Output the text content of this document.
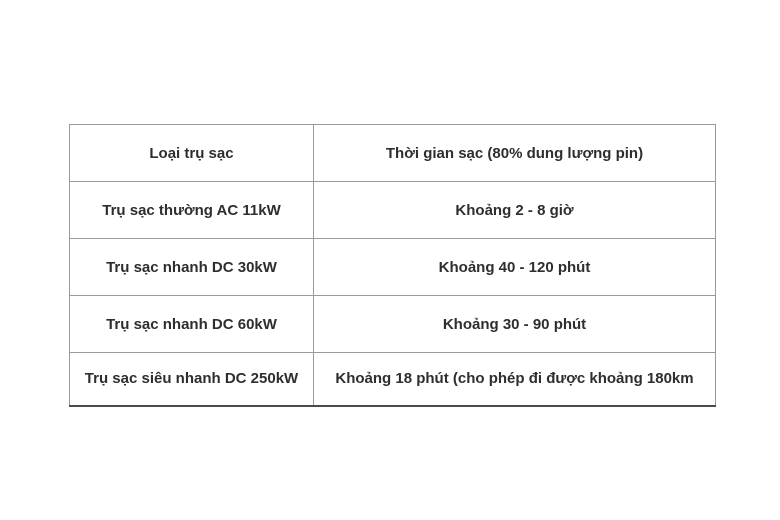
Loại trụ sạc	Thời gian sạc (80% dung lượng pin)
Trụ sạc thường AC 11kW	Khoảng 2 - 8 giờ
Trụ sạc nhanh DC 30kW	Khoảng 40 - 120 phút
Trụ sạc nhanh DC 60kW	Khoảng 30 - 90 phút
Trụ sạc siêu nhanh DC 250kW	Khoảng 18 phút (cho phép đi được khoảng 180km
